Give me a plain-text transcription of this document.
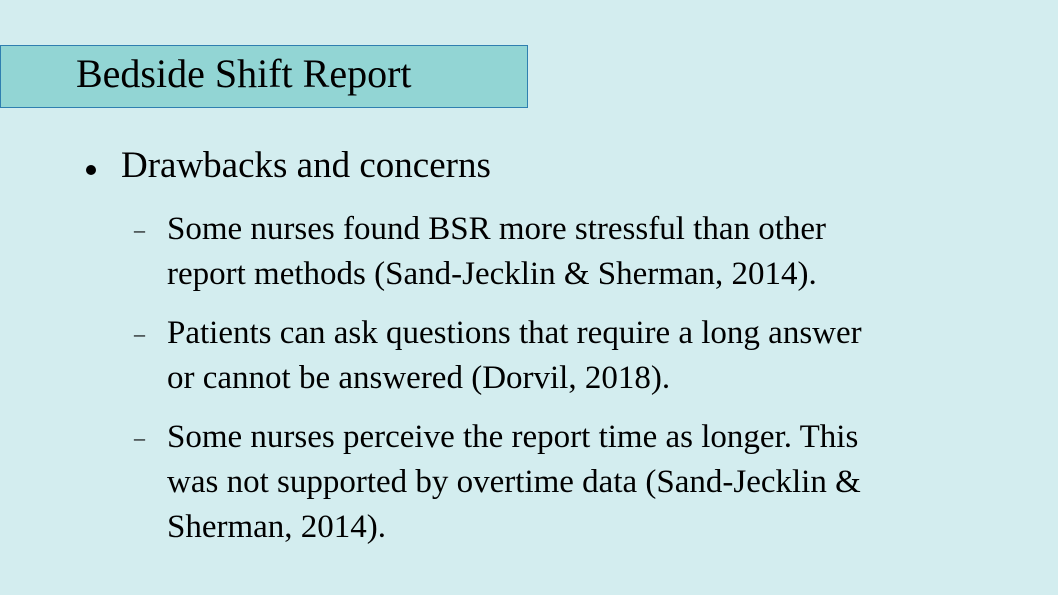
Bedside Shift Report
Drawbacks and concerns
– Some nurses found BSR more stressful than other
report methods (Sand-Jecklin & Sherman, 2014).
– Patients can ask questions that require a long answer
or cannot be answered (Dorvil, 2018).
– Some nurses perceive the report time as longer. This
was not supported by overtime data (Sand-Jecklin &
Sherman, 2014).
